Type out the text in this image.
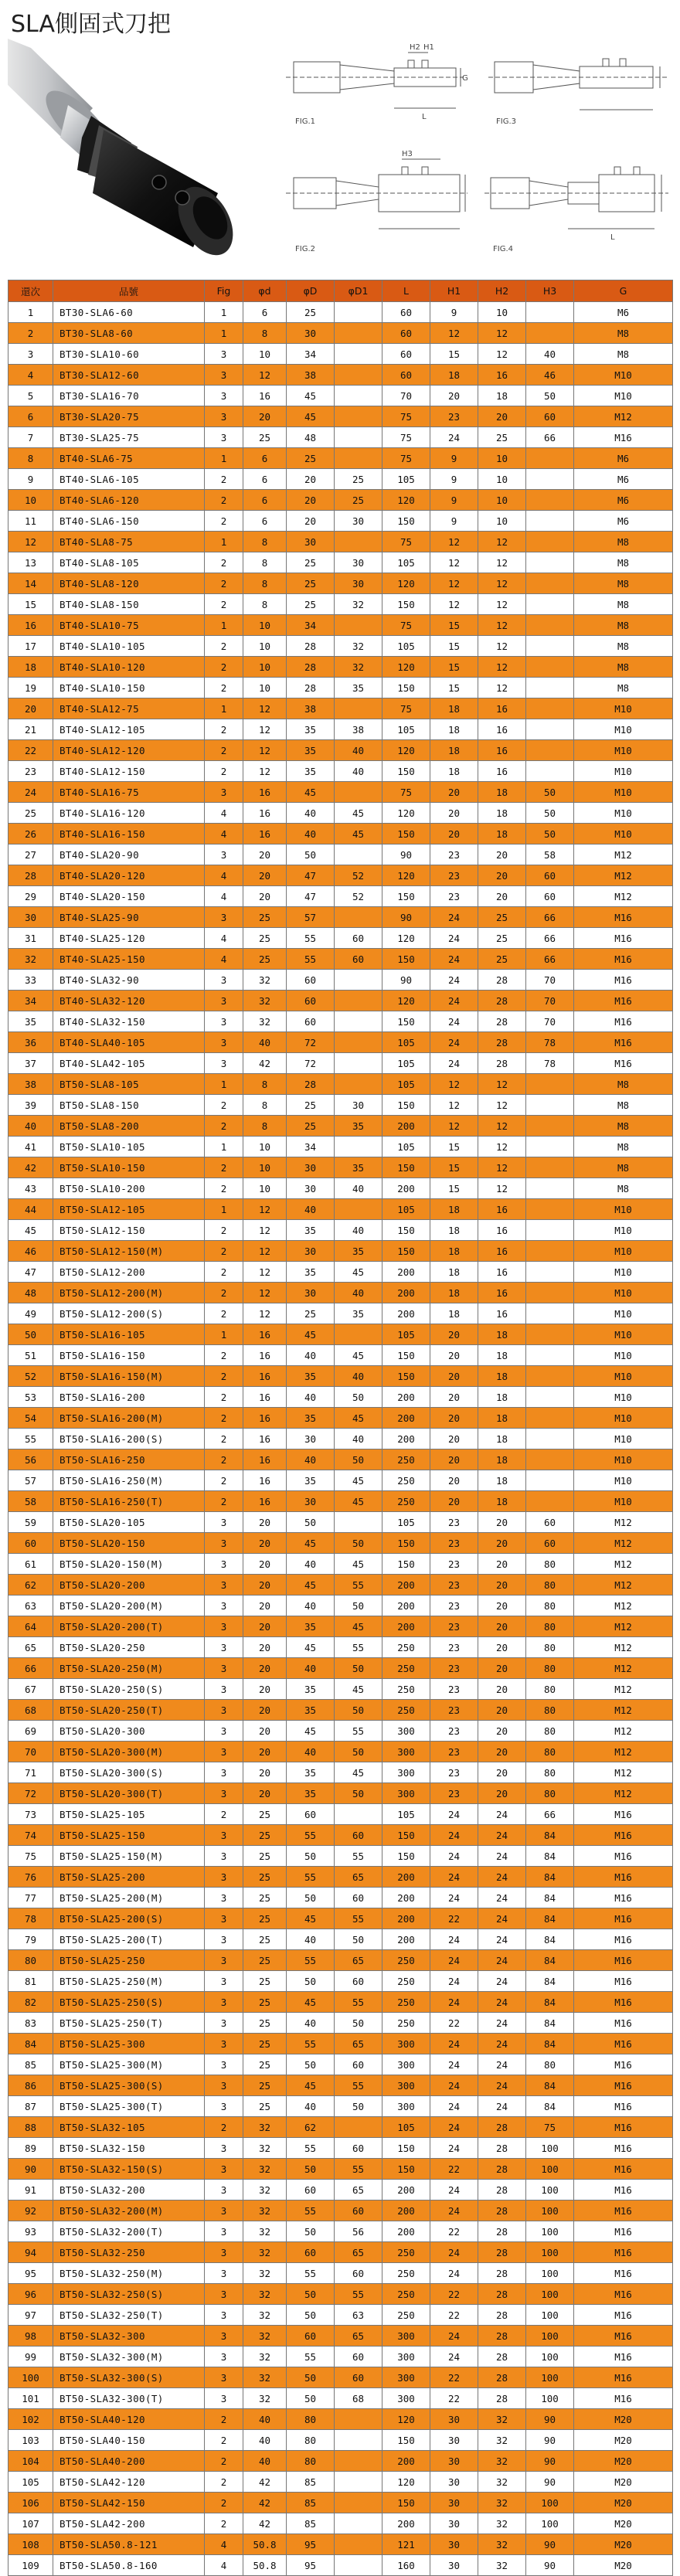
SLA側固式刀把
FIG.1	FIG.3
FIG.2	FIG.4
H2 H1
L
G
H3
L
還次	品號	Fig	φd	φD	φD1	L	H1	H2	H3	G
1	BT30-SLA6-60	1	6	25		60	9	10		M6
2	BT30-SLA8-60	1	8	30		60	12	12		M8
3	BT30-SLA10-60	3	10	34		60	15	12	40	M8
4	BT30-SLA12-60	3	12	38		60	18	16	46	M10
5	BT30-SLA16-70	3	16	45		70	20	18	50	M10
6	BT30-SLA20-75	3	20	45		75	23	20	60	M12
7	BT30-SLA25-75	3	25	48		75	24	25	66	M16
8	BT40-SLA6-75	1	6	25		75	9	10		M6
9	BT40-SLA6-105	2	6	20	25	105	9	10		M6
10	BT40-SLA6-120	2	6	20	25	120	9	10		M6
11	BT40-SLA6-150	2	6	20	30	150	9	10		M6
12	BT40-SLA8-75	1	8	30		75	12	12		M8
13	BT40-SLA8-105	2	8	25	30	105	12	12		M8
14	BT40-SLA8-120	2	8	25	30	120	12	12		M8
15	BT40-SLA8-150	2	8	25	32	150	12	12		M8
16	BT40-SLA10-75	1	10	34		75	15	12		M8
17	BT40-SLA10-105	2	10	28	32	105	15	12		M8
18	BT40-SLA10-120	2	10	28	32	120	15	12		M8
19	BT40-SLA10-150	2	10	28	35	150	15	12		M8
20	BT40-SLA12-75	1	12	38		75	18	16		M10
21	BT40-SLA12-105	2	12	35	38	105	18	16		M10
22	BT40-SLA12-120	2	12	35	40	120	18	16		M10
23	BT40-SLA12-150	2	12	35	40	150	18	16		M10
24	BT40-SLA16-75	3	16	45		75	20	18	50	M10
25	BT40-SLA16-120	4	16	40	45	120	20	18	50	M10
26	BT40-SLA16-150	4	16	40	45	150	20	18	50	M10
27	BT40-SLA20-90	3	20	50		90	23	20	58	M12
28	BT40-SLA20-120	4	20	47	52	120	23	20	60	M12
29	BT40-SLA20-150	4	20	47	52	150	23	20	60	M12
30	BT40-SLA25-90	3	25	57		90	24	25	66	M16
31	BT40-SLA25-120	4	25	55	60	120	24	25	66	M16
32	BT40-SLA25-150	4	25	55	60	150	24	25	66	M16
33	BT40-SLA32-90	3	32	60		90	24	28	70	M16
34	BT40-SLA32-120	3	32	60		120	24	28	70	M16
35	BT40-SLA32-150	3	32	60		150	24	28	70	M16
36	BT40-SLA40-105	3	40	72		105	24	28	78	M16
37	BT40-SLA42-105	3	42	72		105	24	28	78	M16
38	BT50-SLA8-105	1	8	28		105	12	12		M8
39	BT50-SLA8-150	2	8	25	30	150	12	12		M8
40	BT50-SLA8-200	2	8	25	35	200	12	12		M8
41	BT50-SLA10-105	1	10	34		105	15	12		M8
42	BT50-SLA10-150	2	10	30	35	150	15	12		M8
43	BT50-SLA10-200	2	10	30	40	200	15	12		M8
44	BT50-SLA12-105	1	12	40		105	18	16		M10
45	BT50-SLA12-150	2	12	35	40	150	18	16		M10
46	BT50-SLA12-150(M)	2	12	30	35	150	18	16		M10
47	BT50-SLA12-200	2	12	35	45	200	18	16		M10
48	BT50-SLA12-200(M)	2	12	30	40	200	18	16		M10
49	BT50-SLA12-200(S)	2	12	25	35	200	18	16		M10
50	BT50-SLA16-105	1	16	45		105	20	18		M10
51	BT50-SLA16-150	2	16	40	45	150	20	18		M10
52	BT50-SLA16-150(M)	2	16	35	40	150	20	18		M10
53	BT50-SLA16-200	2	16	40	50	200	20	18		M10
54	BT50-SLA16-200(M)	2	16	35	45	200	20	18		M10
55	BT50-SLA16-200(S)	2	16	30	40	200	20	18		M10
56	BT50-SLA16-250	2	16	40	50	250	20	18		M10
57	BT50-SLA16-250(M)	2	16	35	45	250	20	18		M10
58	BT50-SLA16-250(T)	2	16	30	45	250	20	18		M10
59	BT50-SLA20-105	3	20	50		105	23	20	60	M12
60	BT50-SLA20-150	3	20	45	50	150	23	20	60	M12
61	BT50-SLA20-150(M)	3	20	40	45	150	23	20	80	M12
62	BT50-SLA20-200	3	20	45	55	200	23	20	80	M12
63	BT50-SLA20-200(M)	3	20	40	50	200	23	20	80	M12
64	BT50-SLA20-200(T)	3	20	35	45	200	23	20	80	M12
65	BT50-SLA20-250	3	20	45	55	250	23	20	80	M12
66	BT50-SLA20-250(M)	3	20	40	50	250	23	20	80	M12
67	BT50-SLA20-250(S)	3	20	35	45	250	23	20	80	M12
68	BT50-SLA20-250(T)	3	20	35	50	250	23	20	80	M12
69	BT50-SLA20-300	3	20	45	55	300	23	20	80	M12
70	BT50-SLA20-300(M)	3	20	40	50	300	23	20	80	M12
71	BT50-SLA20-300(S)	3	20	35	45	300	23	20	80	M12
72	BT50-SLA20-300(T)	3	20	35	50	300	23	20	80	M12
73	BT50-SLA25-105	2	25	60		105	24	24	66	M16
74	BT50-SLA25-150	3	25	55	60	150	24	24	84	M16
75	BT50-SLA25-150(M)	3	25	50	55	150	24	24	84	M16
76	BT50-SLA25-200	3	25	55	65	200	24	24	84	M16
77	BT50-SLA25-200(M)	3	25	50	60	200	24	24	84	M16
78	BT50-SLA25-200(S)	3	25	45	55	200	22	24	84	M16
79	BT50-SLA25-200(T)	3	25	40	50	200	24	24	84	M16
80	BT50-SLA25-250	3	25	55	65	250	24	24	84	M16
81	BT50-SLA25-250(M)	3	25	50	60	250	24	24	84	M16
82	BT50-SLA25-250(S)	3	25	45	55	250	24	24	84	M16
83	BT50-SLA25-250(T)	3	25	40	50	250	22	24	84	M16
84	BT50-SLA25-300	3	25	55	65	300	24	24	84	M16
85	BT50-SLA25-300(M)	3	25	50	60	300	24	24	80	M16
86	BT50-SLA25-300(S)	3	25	45	55	300	24	24	84	M16
87	BT50-SLA25-300(T)	3	25	40	50	300	24	24	84	M16
88	BT50-SLA32-105	2	32	62		105	24	28	75	M16
89	BT50-SLA32-150	3	32	55	60	150	24	28	100	M16
90	BT50-SLA32-150(S)	3	32	50	55	150	22	28	100	M16
91	BT50-SLA32-200	3	32	60	65	200	24	28	100	M16
92	BT50-SLA32-200(M)	3	32	55	60	200	24	28	100	M16
93	BT50-SLA32-200(T)	3	32	50	56	200	22	28	100	M16
94	BT50-SLA32-250	3	32	60	65	250	24	28	100	M16
95	BT50-SLA32-250(M)	3	32	55	60	250	24	28	100	M16
96	BT50-SLA32-250(S)	3	32	50	55	250	22	28	100	M16
97	BT50-SLA32-250(T)	3	32	50	63	250	22	28	100	M16
98	BT50-SLA32-300	3	32	60	65	300	24	28	100	M16
99	BT50-SLA32-300(M)	3	32	55	60	300	24	28	100	M16
100	BT50-SLA32-300(S)	3	32	50	60	300	22	28	100	M16
101	BT50-SLA32-300(T)	3	32	50	68	300	22	28	100	M16
102	BT50-SLA40-120	2	40	80		120	30	32	90	M20
103	BT50-SLA40-150	2	40	80		150	30	32	90	M20
104	BT50-SLA40-200	2	40	80		200	30	32	90	M20
105	BT50-SLA42-120	2	42	85		120	30	32	90	M20
106	BT50-SLA42-150	2	42	85		150	30	32	100	M20
107	BT50-SLA42-200	2	42	85		200	30	32	100	M20
108	BT50-SLA50.8-121	4	50.8	95		121	30	32	90	M20
109	BT50-SLA50.8-160	4	50.8	95		160	30	32	90	M20
